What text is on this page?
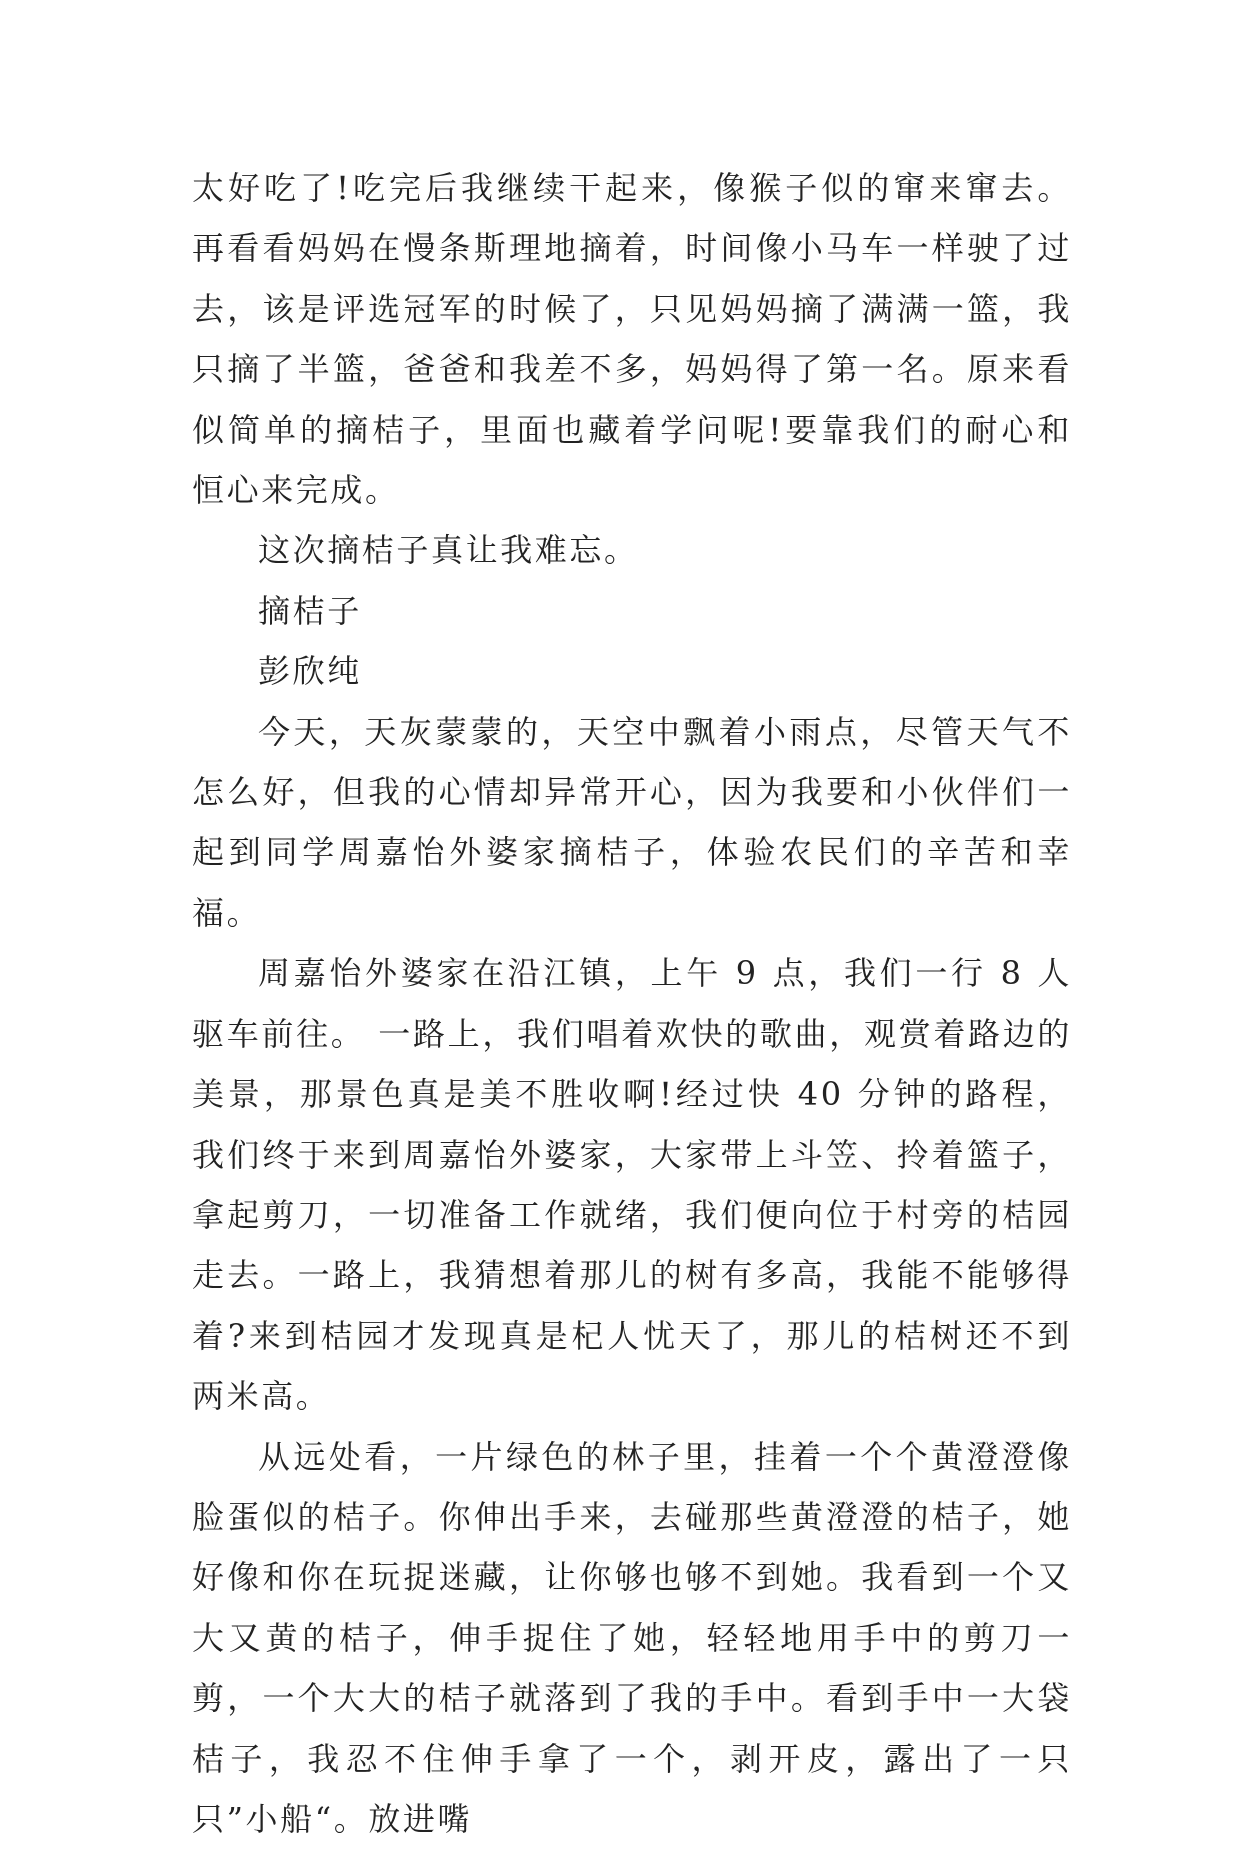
太好吃了!吃完后我继续干起来，像猴子似的窜来窜去。再看看妈妈在慢条斯理地摘着，时间像小马车一样驶了过去，该是评选冠军的时候了，只见妈妈摘了满满一篮，我只摘了半篮，爸爸和我差不多，妈妈得了第一名。原来看似简单的摘桔子，里面也藏着学问呢!要靠我们的耐心和恒心来完成。

这次摘桔子真让我难忘。

摘桔子

彭欣纯

今天，天灰蒙蒙的，天空中飘着小雨点，尽管天气不怎么好，但我的心情却异常开心，因为我要和小伙伴们一起到同学周嘉怡外婆家摘桔子，体验农民们的辛苦和幸福。

周嘉怡外婆家在沿江镇，上午 9 点，我们一行 8 人驱车前往。 一路上，我们唱着欢快的歌曲，观赏着路边的美景，那景色真是美不胜收啊!经过快 40 分钟的路程，我们终于来到周嘉怡外婆家，大家带上斗笠、拎着篮子，拿起剪刀，一切准备工作就绪，我们便向位于村旁的桔园走去。一路上，我猜想着那儿的树有多高，我能不能够得着?来到桔园才发现真是杞人忧天了，那儿的桔树还不到两米高。

从远处看，一片绿色的林子里，挂着一个个黄澄澄像脸蛋似的桔子。你伸出手来，去碰那些黄澄澄的桔子，她好像和你在玩捉迷藏，让你够也够不到她。我看到一个又大又黄的桔子，伸手捉住了她，轻轻地用手中的剪刀一剪，一个大大的桔子就落到了我的手中。看到手中一大袋桔子，我忍不住伸手拿了一个，剥开皮，露出了一只只”小船“。放进嘴
